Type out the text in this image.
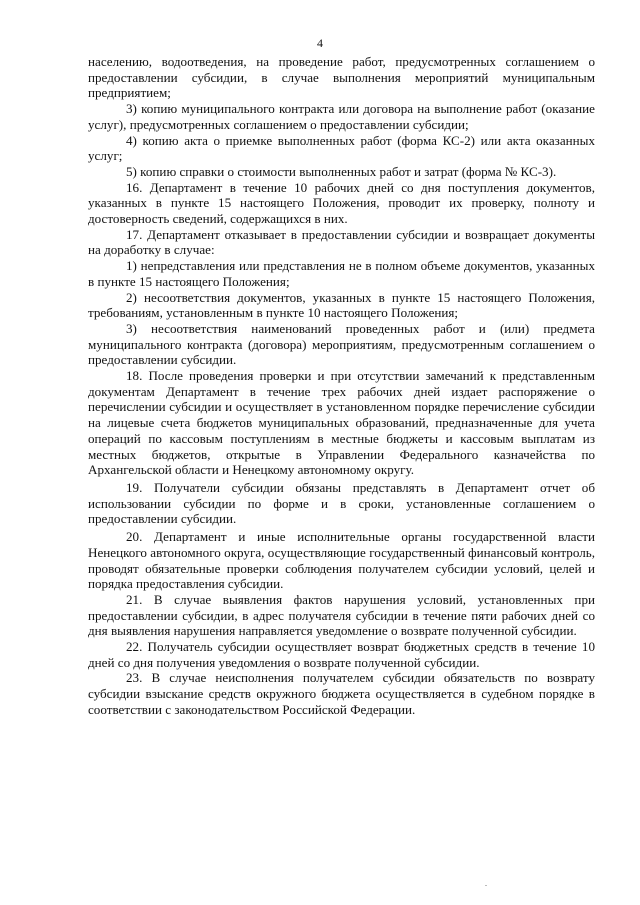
4

населению, водоотведения, на проведение работ, предусмотренных соглашением о предоставлении субсидии, в случае выполнения мероприятий муниципальным предприятием;

3) копию муниципального контракта или договора на выполнение работ (оказание услуг), предусмотренных соглашением о предоставлении субсидии;

4) копию акта о приемке выполненных работ (форма КС-2) или акта оказанных услуг;

5) копию справки о стоимости выполненных работ и затрат (форма № КС-3).

16. Департамент в течение 10 рабочих дней со дня поступления документов, указанных в пункте 15 настоящего Положения, проводит их проверку, полноту и достоверность сведений, содержащихся в них.

17. Департамент отказывает в предоставлении субсидии и возвращает документы на доработку в случае:

1) непредставления или представления не в полном объеме документов, указанных в пункте 15 настоящего Положения;

2) несоответствия документов, указанных в пункте 15 настоящего Положения, требованиям, установленным в пункте 10 настоящего Положения;

3) несоответствия наименований проведенных работ и (или) предмета муниципального контракта (договора) мероприятиям, предусмотренным соглашением о предоставлении субсидии.

18. После проведения проверки и при отсутствии замечаний к представленным документам Департамент в течение трех рабочих дней издает распоряжение о перечислении субсидии и осуществляет в установленном порядке перечисление субсидии на лицевые счета бюджетов муниципальных образований, предназначенные для учета операций по кассовым поступлениям в местные бюджеты и кассовым выплатам из местных бюджетов, открытые в Управлении Федерального казначейства по Архангельской области и Ненецкому автономному округу.

19. Получатели субсидии обязаны представлять в Департамент отчет об использовании субсидии по форме и в сроки, установленные соглашением о предоставлении субсидии.

20. Департамент и иные исполнительные органы государственной власти Ненецкого автономного округа, осуществляющие государственный финансовый контроль, проводят обязательные проверки соблюдения получателем субсидии условий, целей и порядка предоставления субсидии.

21. В случае выявления фактов нарушения условий, установленных при предоставлении субсидии, в адрес получателя субсидии в течение пяти рабочих дней со дня выявления нарушения направляется уведомление о возврате полученной субсидии.

22. Получатель субсидии осуществляет возврат бюджетных средств в течение 10 дней со дня получения уведомления о возврате полученной субсидии.

23. В случае неисполнения получателем субсидии обязательств по возврату субсидии взыскание средств окружного бюджета осуществляется в судебном порядке в соответствии с законодательством Российской Федерации.
